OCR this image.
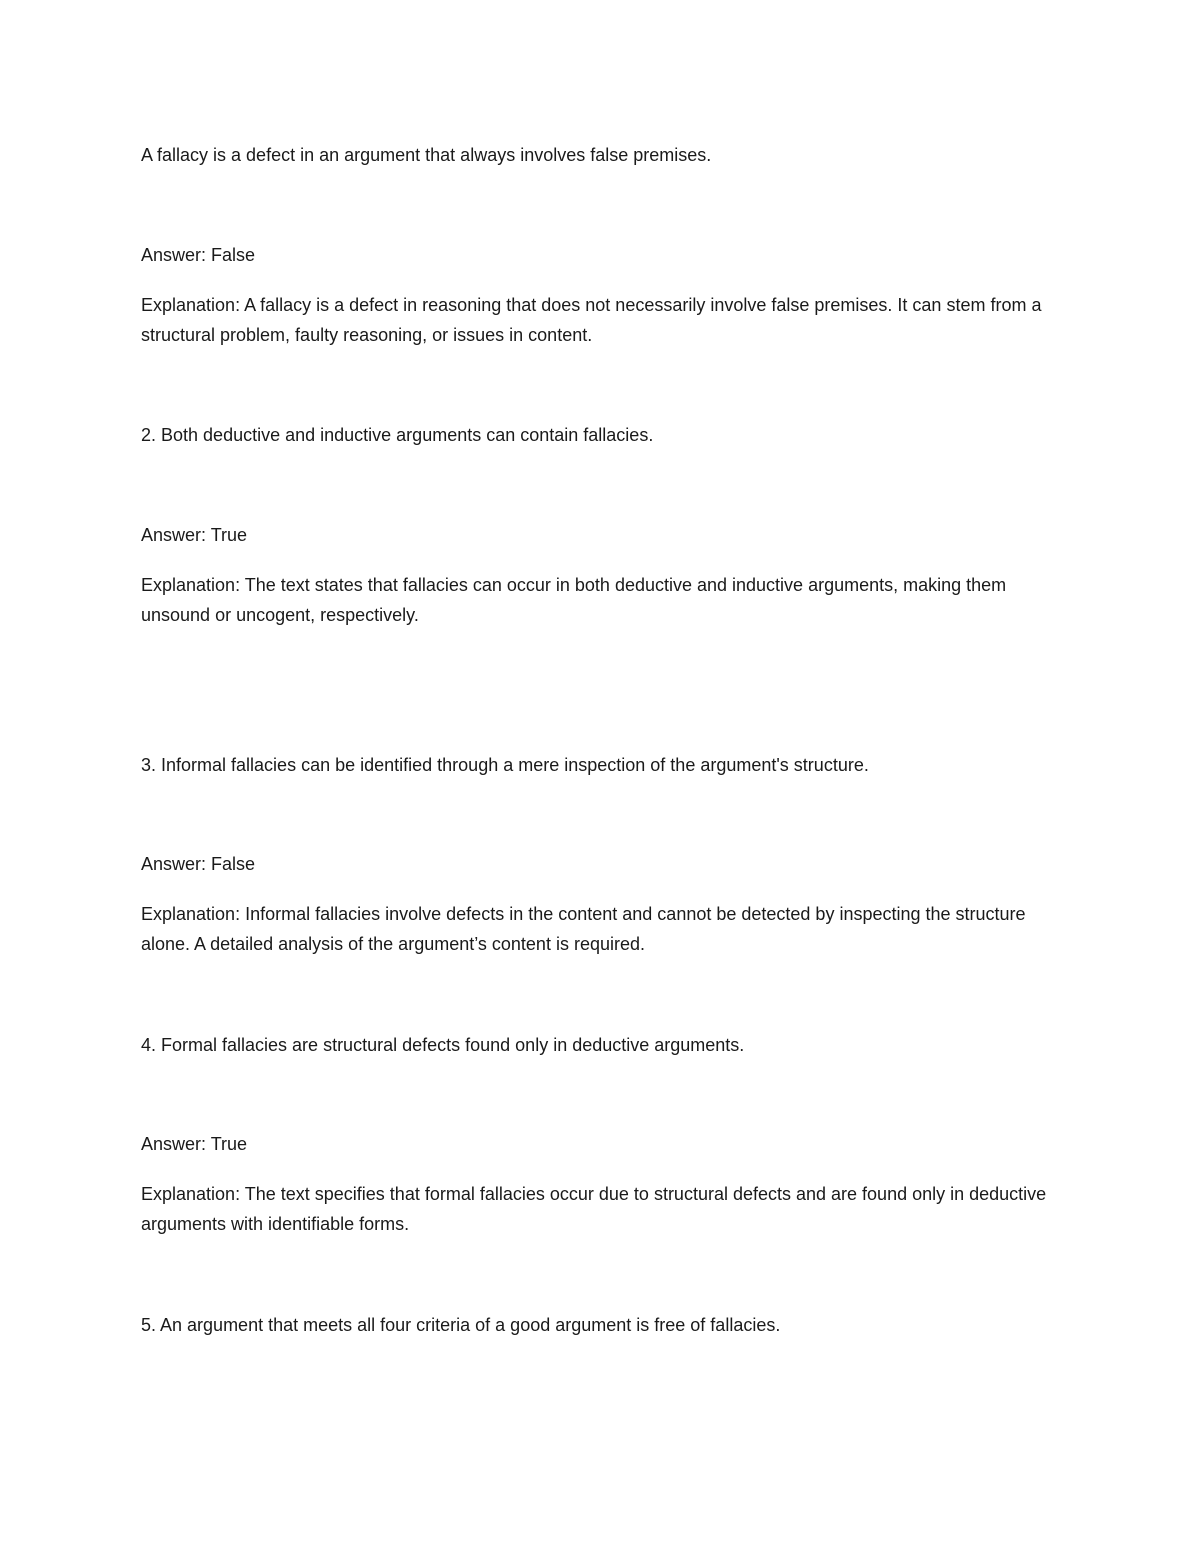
A fallacy is a defect in an argument that always involves false premises.

Answer: False

Explanation: A fallacy is a defect in reasoning that does not necessarily involve false premises. It can stem from a structural problem, faulty reasoning, or issues in content.

2. Both deductive and inductive arguments can contain fallacies.

Answer: True

Explanation: The text states that fallacies can occur in both deductive and inductive arguments, making them unsound or uncogent, respectively.

3. Informal fallacies can be identified through a mere inspection of the argument's structure.

Answer: False

Explanation: Informal fallacies involve defects in the content and cannot be detected by inspecting the structure alone. A detailed analysis of the argument’s content is required.

4. Formal fallacies are structural defects found only in deductive arguments.

Answer: True

Explanation: The text specifies that formal fallacies occur due to structural defects and are found only in deductive arguments with identifiable forms.

5. An argument that meets all four criteria of a good argument is free of fallacies.
